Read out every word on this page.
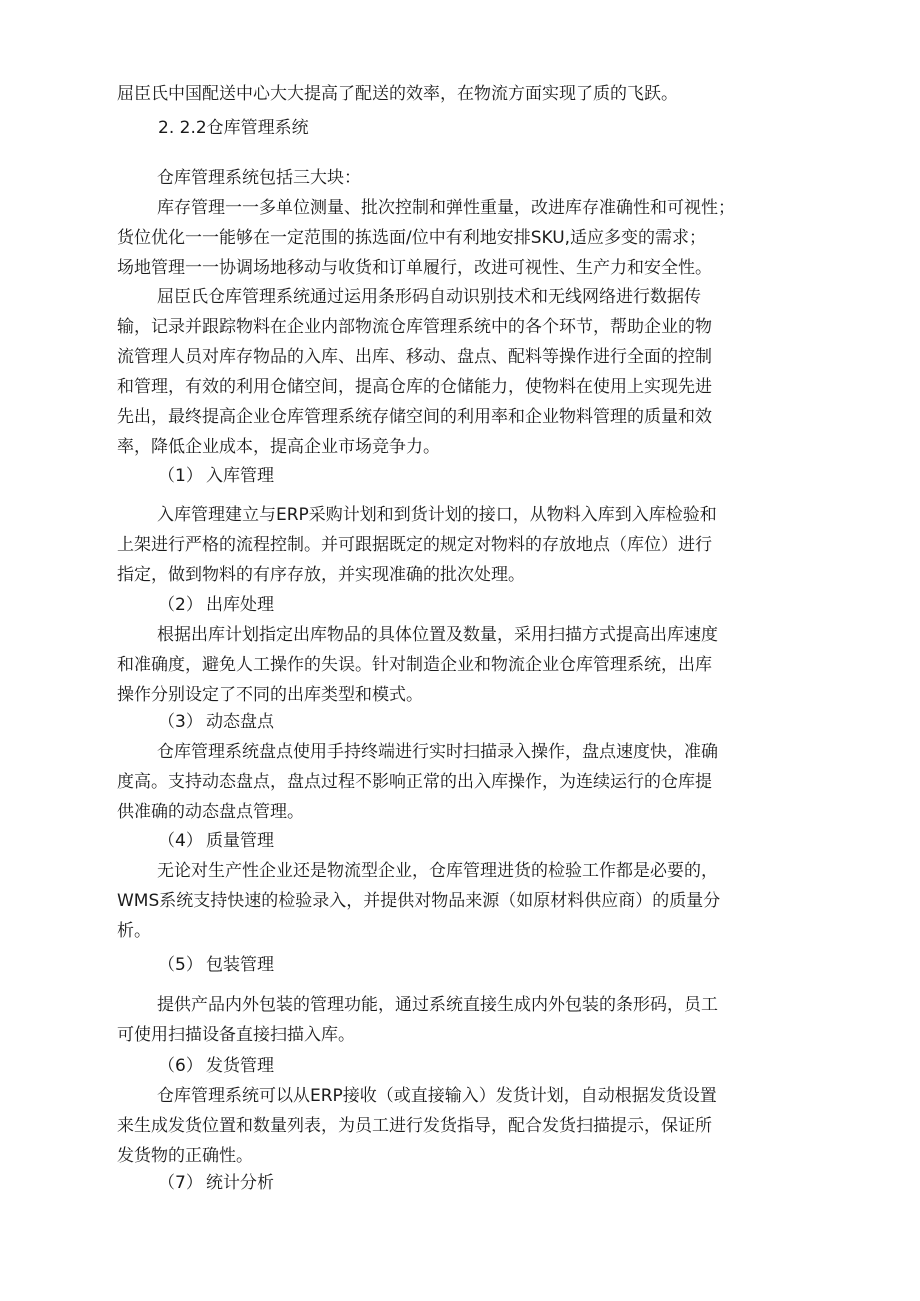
屈臣氏中国配送中心大大提高了配送的效率，在物流方面实现了质的飞跃。

2. 2.2仓库管理系统

仓库管理系统包括三大块：
库存管理一一多单位测量、批次控制和弹性重量，改进库存准确性和可视性；
货位优化一一能够在一定范围的拣选面/位中有利地安排SKU,适应多变的需求；
场地管理一一协调场地移动与收货和订单履行，改进可视性、生产力和安全性。

屈臣氏仓库管理系统通过运用条形码自动识别技术和无线网络进行数据传
输，记录并跟踪物料在企业内部物流仓库管理系统中的各个环节，帮助企业的物
流管理人员对库存物品的入库、出库、移动、盘点、配料等操作进行全面的控制
和管理，有效的利用仓储空间，提高仓库的仓储能力，使物料在使用上实现先进
先出，最终提高企业仓库管理系统存储空间的利用率和企业物料管理的质量和效
率，降低企业成本，提高企业市场竞争力。

（1） 入库管理

入库管理建立与ERP采购计划和到货计划的接口，从物料入库到入库检验和
上架进行严格的流程控制。并可跟据既定的规定对物料的存放地点（库位）进行
指定，做到物料的有序存放，并实现准确的批次处理。

（2） 出库处理

根据出库计划指定出库物品的具体位置及数量，采用扫描方式提高出库速度
和准确度，避免人工操作的失误。针对制造企业和物流企业仓库管理系统，出库
操作分别设定了不同的出库类型和模式。

（3） 动态盘点

仓库管理系统盘点使用手持终端进行实时扫描录入操作，盘点速度快，准确
度高。支持动态盘点，盘点过程不影响正常的出入库操作，为连续运行的仓库提
供准确的动态盘点管理。

（4） 质量管理

无论对生产性企业还是物流型企业，仓库管理进货的检验工作都是必要的，
WMS系统支持快速的检验录入，并提供对物品来源（如原材料供应商）的质量分
析。

（5） 包装管理

提供产品内外包装的管理功能，通过系统直接生成内外包装的条形码，员工
可使用扫描设备直接扫描入库。

（6） 发货管理

仓库管理系统可以从ERP接收（或直接输入）发货计划，自动根据发货设置
来生成发货位置和数量列表，为员工进行发货指导，配合发货扫描提示，保证所
发货物的正确性。

（7） 统计分析
